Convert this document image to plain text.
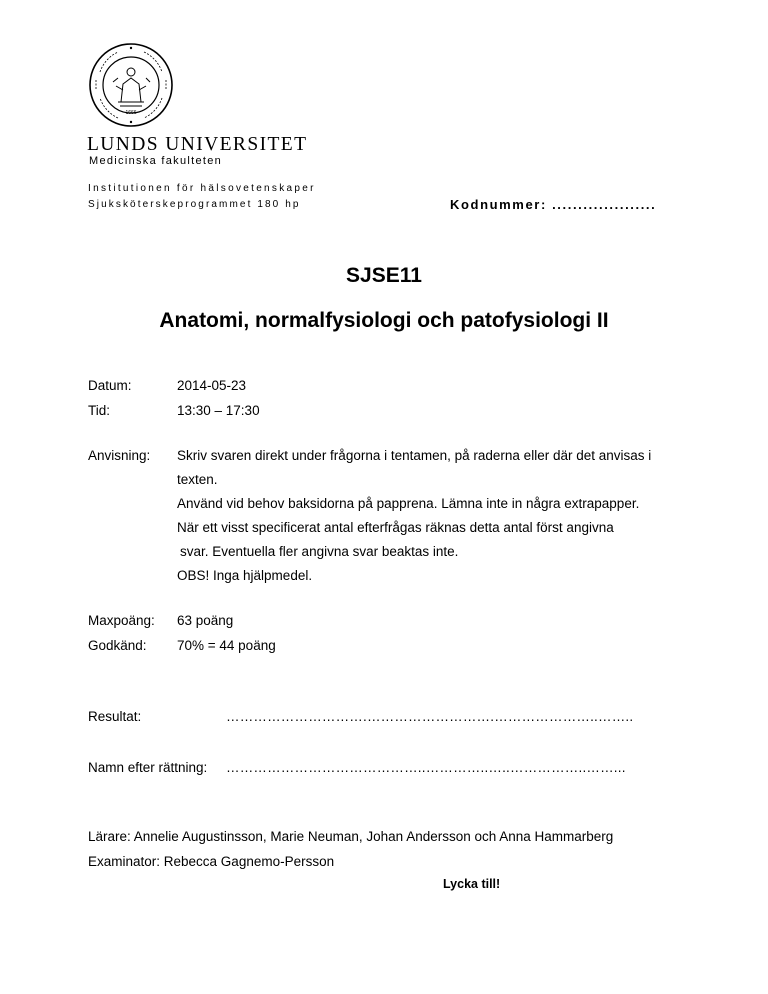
1666
LUNDS UNIVERSITET
Medicinska fakulteten
Institutionen för hälsovetenskaper
Sjuksköterskeprogrammet 180 hp	Kodnummer: ....................
SJSE11
Anatomi, normalfysiologi och patofysiologi II
Datum:	2014-05-23
Tid:	13:30 – 17:30
Anvisning: Skriv svaren direkt under frågorna i tentamen, på raderna eller där det anvisas i
texten.
Använd vid behov baksidorna på papprena. Lämna inte in några extrapapper.
När ett visst specificerat antal efterfrågas räknas detta antal först angivna
svar. Eventuella fler angivna svar beaktas inte.
OBS! Inga hjälpmedel.
Maxpoäng: 63 poäng
Godkänd: 70% = 44 poäng
Resultat:	………………………….……………………….…………………..……..
Namn efter rättning: ……………………………………..…………..…..……………..……...
Lärare: Annelie Augustinsson, Marie Neuman, Johan Andersson och Anna Hammarberg
Examinator: Rebecca Gagnemo-Persson
Lycka till!
